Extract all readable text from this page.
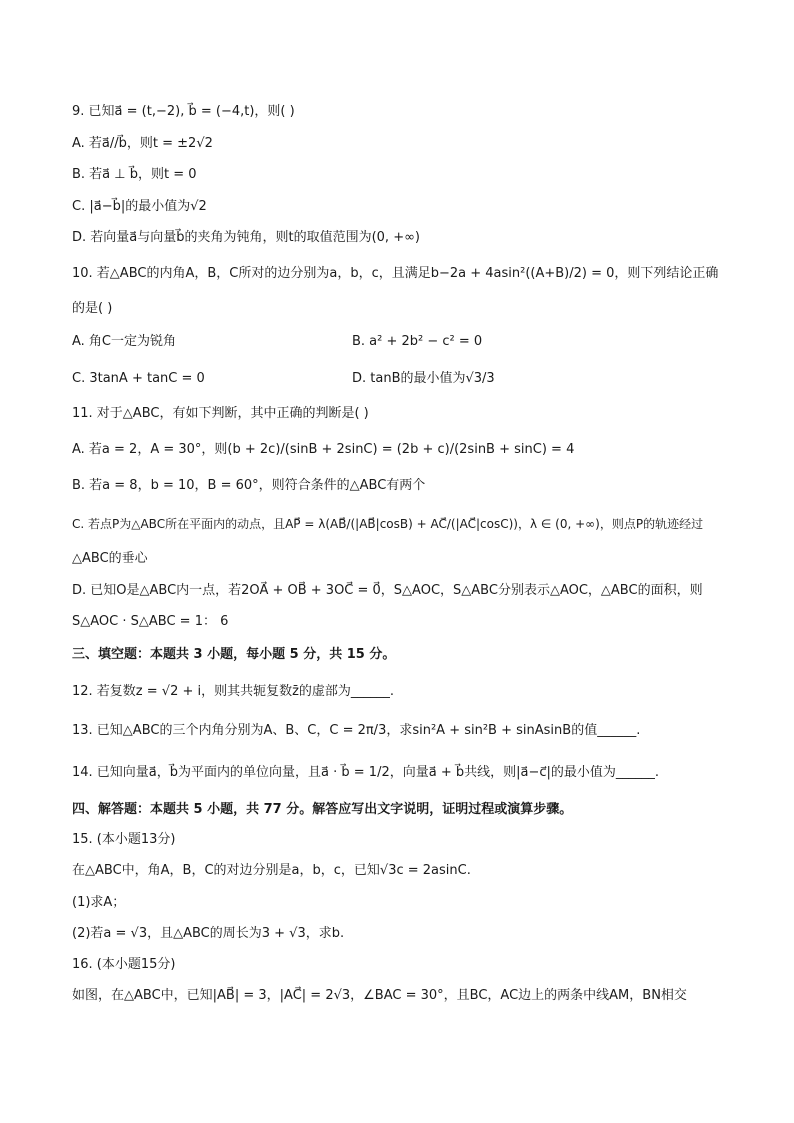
9. 已知a⃗ = (t,−2), b⃗ = (−4,t)，则( )
A. 若a⃗//b⃗，则t = ±2√2
B. 若a⃗ ⊥ b⃗，则t = 0
C. |a⃗−b⃗|的最小值为√2
D. 若向量a⃗与向量b⃗的夹角为钝角，则t的取值范围为(0, +∞)
10. 若△ABC的内角A，B，C所对的边分别为a，b，c，且满足b−2a + 4asin²((A+B)/2) = 0，则下列结论正确
的是( )
A. 角C一定为锐角	B. a² + 2b² − c² = 0
C. 3tanA + tanC = 0	D. tanB的最小值为√3/3
11. 对于△ABC，有如下判断，其中正确的判断是( )
A. 若a = 2，A = 30°，则(b + 2c)/(sinB + 2sinC) = (2b + c)/(2sinB + sinC) = 4
B. 若a = 8，b = 10，B = 60°，则符合条件的△ABC有两个
C. 若点P为△ABC所在平面内的动点，且AP⃗ = λ(AB⃗/(|AB⃗|cosB) + AC⃗/(|AC⃗|cosC))，λ ∈ (0, +∞)，则点P的轨迹经过
△ABC的垂心
D. 已知O是△ABC内一点，若2OA⃗ + OB⃗ + 3OC⃗ = 0⃗，S△AOC，S△ABC分别表示△AOC，△ABC的面积，则
S△AOC · S△ABC = 1： 6
三、填空题：本题共 3 小题，每小题 5 分，共 15 分。
12. 若复数z = √2 + i，则其共轭复数z̄的虚部为______.
13. 已知△ABC的三个内角分别为A、B、C，C = 2π/3，求sin²A + sin²B + sinAsinB的值______.
14. 已知向量a⃗，b⃗为平面内的单位向量，且a⃗ · b⃗ = 1/2，向量a⃗ + b⃗共线，则|a⃗−c⃗|的最小值为______.
四、解答题：本题共 5 小题，共 77 分。解答应写出文字说明，证明过程或演算步骤。
15. (本小题13分)
在△ABC中，角A，B，C的对边分别是a，b，c，已知√3c = 2asinC.
(1)求A；
(2)若a = √3，且△ABC的周长为3 + √3，求b.
16. (本小题15分)
如图，在△ABC中，已知|AB⃗| = 3，|AC⃗| = 2√3，∠BAC = 30°，且BC，AC边上的两条中线AM，BN相交
